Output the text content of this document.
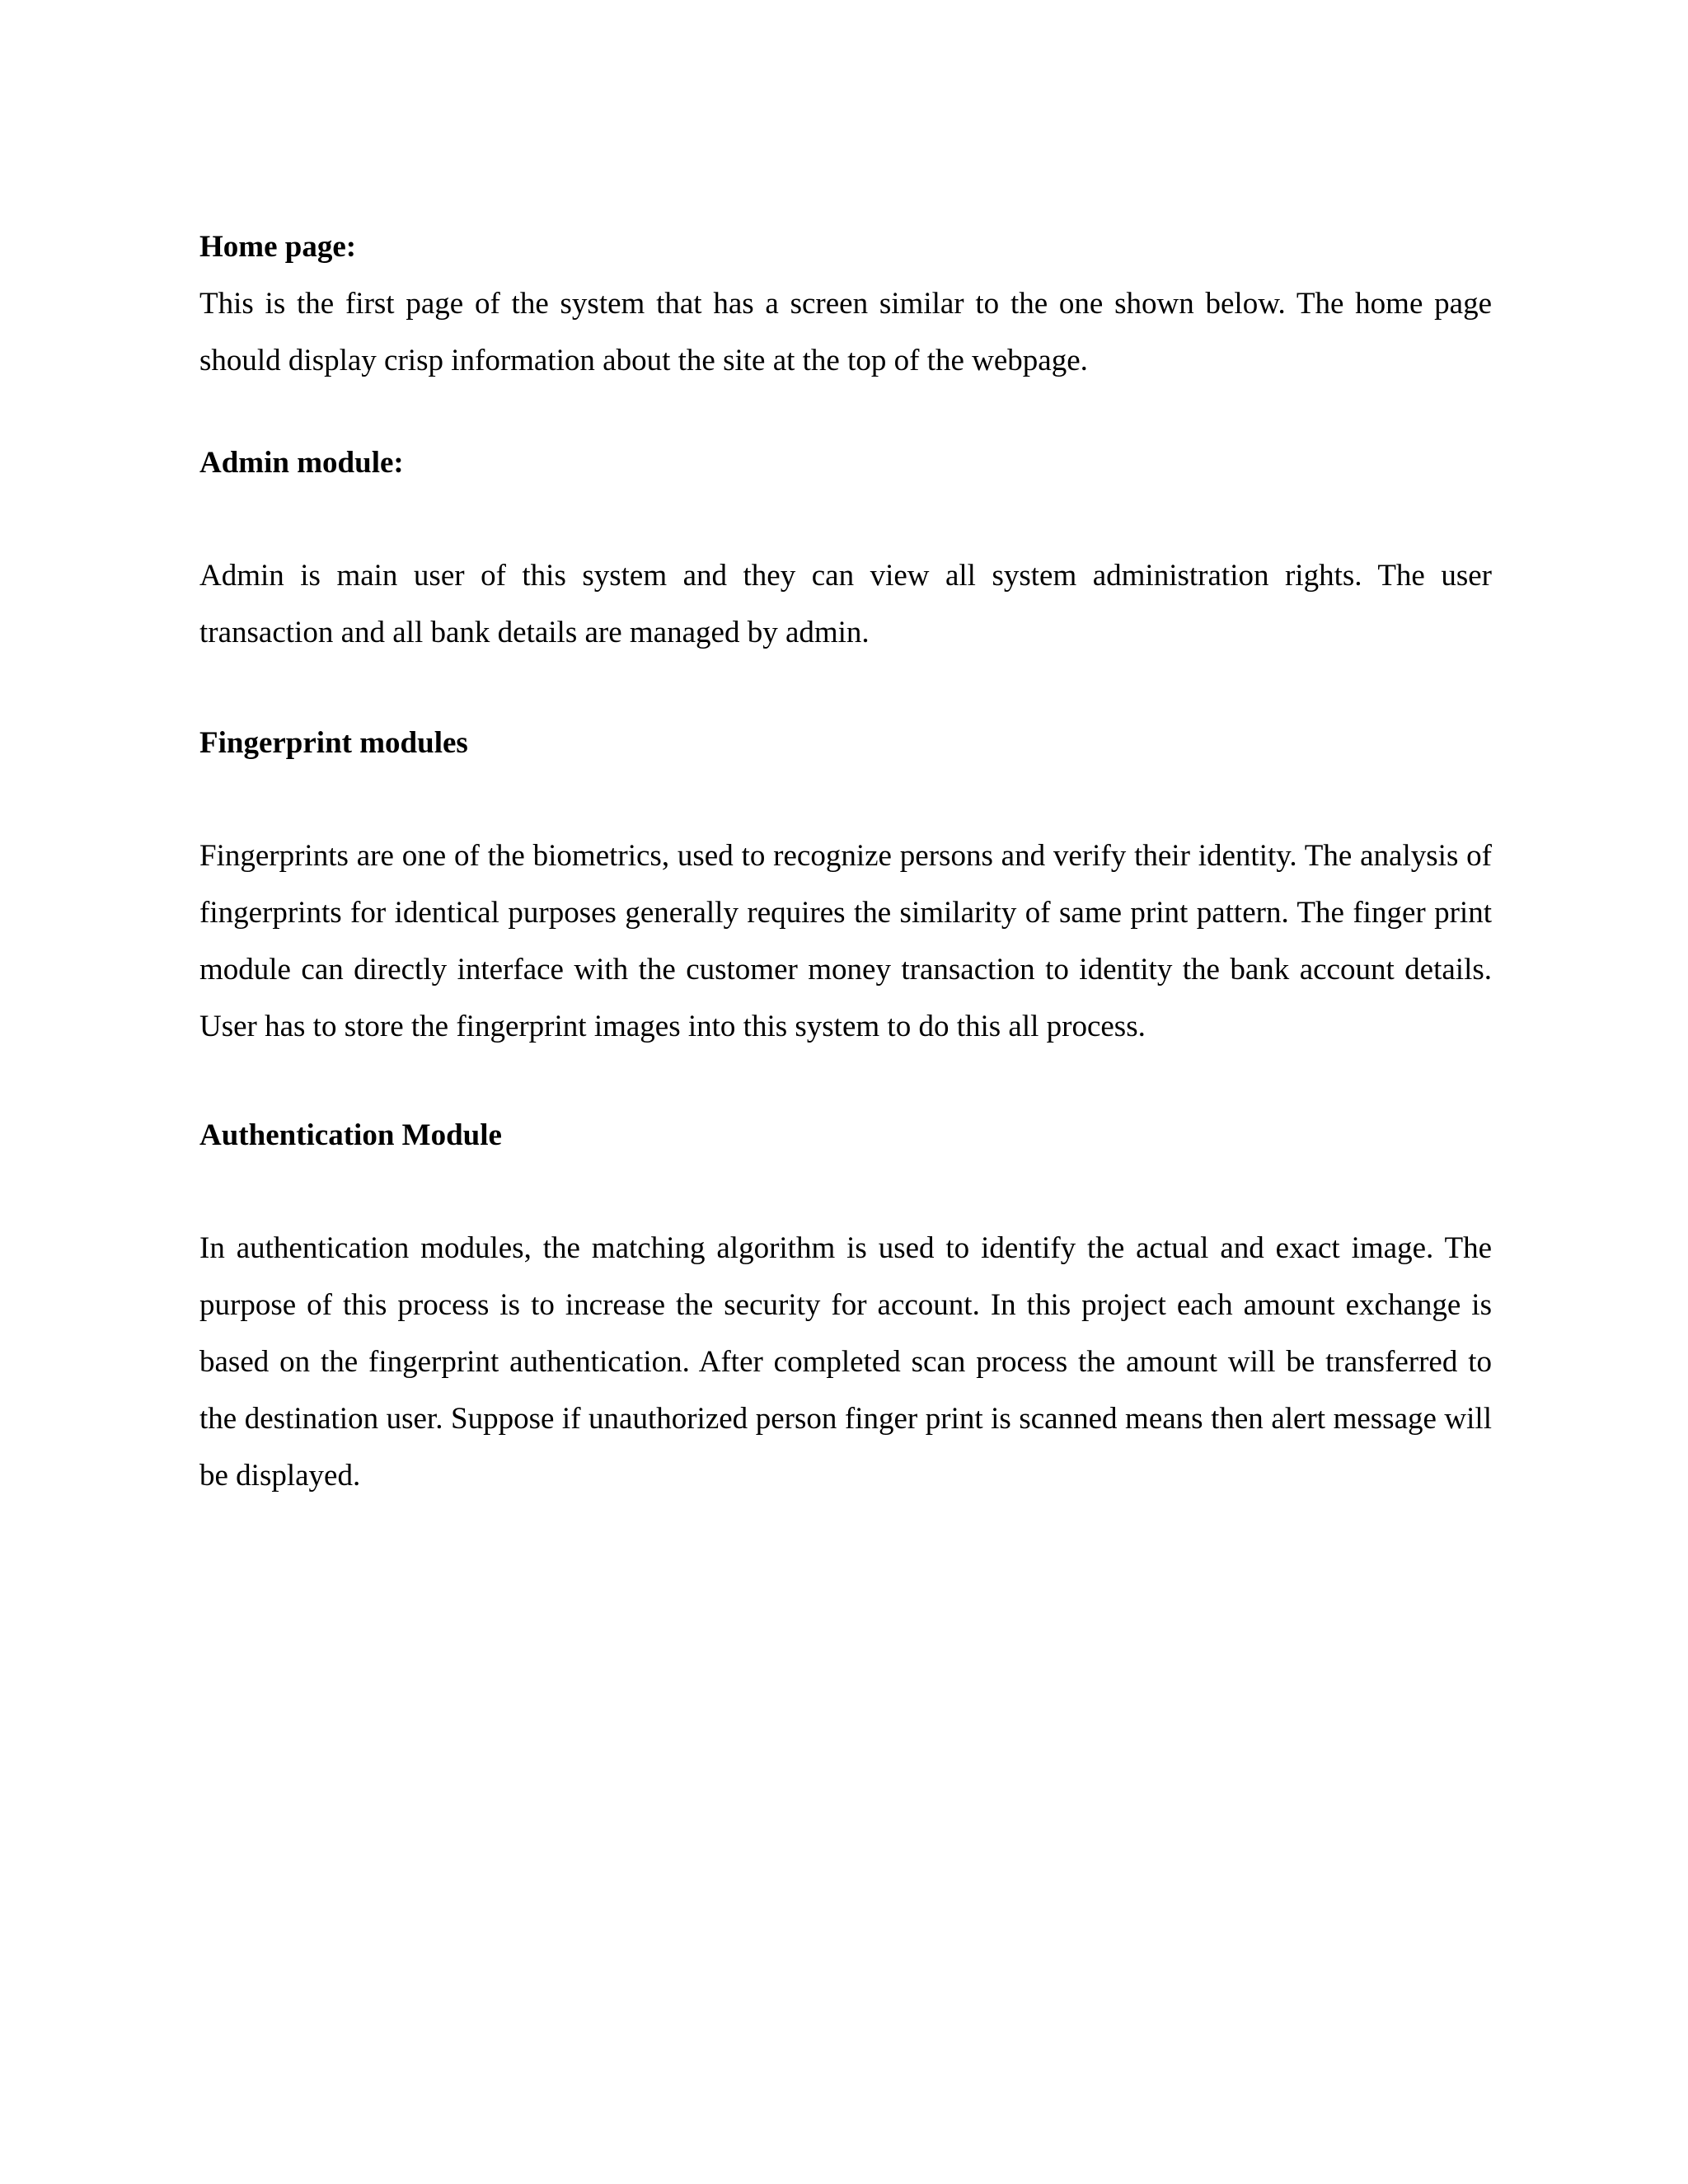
Home page:

This is the first page of the system that has a screen similar to the one shown below. The home page should display crisp information about the site at the top of the webpage.

Admin module:

Admin is main user of this system and they can view all system administration rights. The user transaction and all bank details are managed by admin.

Fingerprint modules

Fingerprints are one of the biometrics, used to recognize persons and verify their identity. The analysis of fingerprints for identical purposes generally requires the similarity of same print pattern. The finger print module can directly interface with the customer money transaction to identity the bank account details. User has to store the fingerprint images into this system to do this all process.

Authentication Module

In authentication modules, the matching algorithm is used to identify the actual and exact image. The purpose of this process is to increase the security for account. In this project each amount exchange is based on the fingerprint authentication. After completed scan process the amount will be transferred to the destination user. Suppose if unauthorized person finger print is scanned means then alert message will be displayed.
